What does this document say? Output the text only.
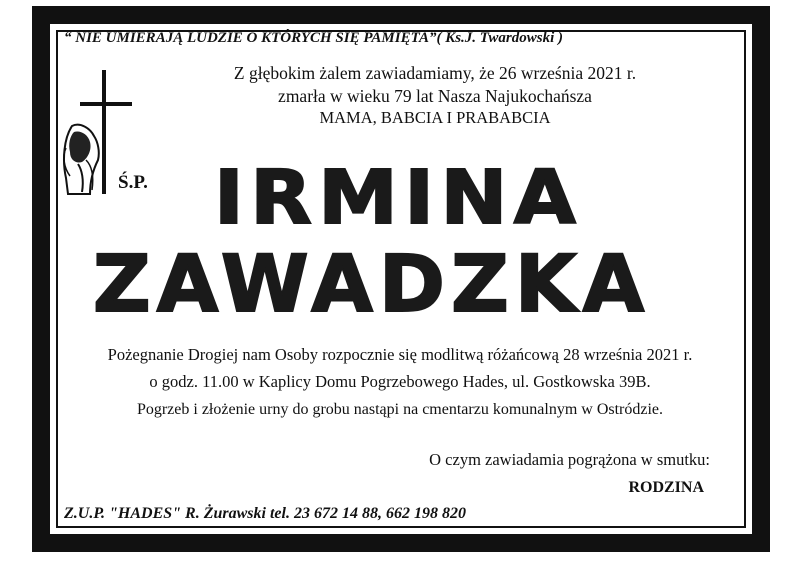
“ NIE UMIERAJĄ LUDZIE O KTÓRYCH SIĘ PAMIĘTA”( Ks.J. Twardowski )
Z głębokim żalem zawiadamiamy, że 26 września 2021 r.
zmarła w wieku 79 lat Nasza Najukochańsza
MAMA, BABCIA I PRABABCIA
Ś.P. IRMINA
ZAWADZKA
Pożegnanie Drogiej nam Osoby rozpocznie się modlitwą różańcową 28 września 2021 r.
o godz. 11.00 w Kaplicy Domu Pogrzebowego Hades, ul. Gostkowska 39B.
Pogrzeb i złożenie urny do grobu nastąpi na cmentarzu komunalnym w Ostródzie.
O czym zawiadamia pogrążona w smutku:
RODZINA
Z.U.P. "HADES" R. Żurawski tel. 23 672 14 88, 662 198 820
